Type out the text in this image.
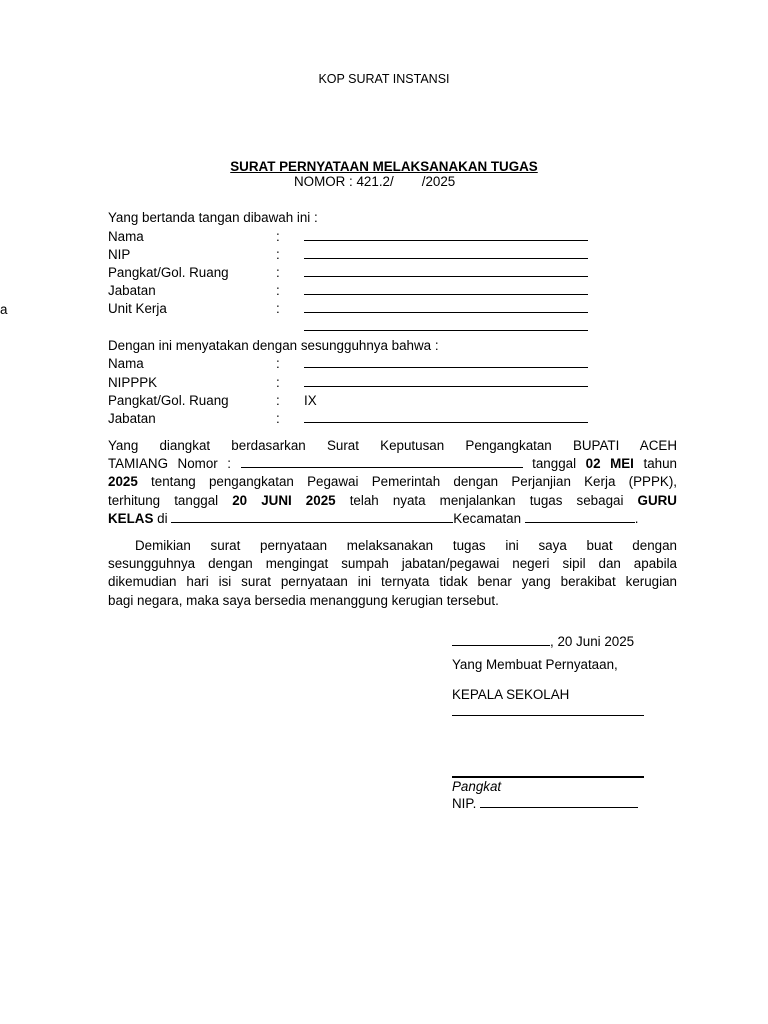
KOP SURAT INSTANSI
SURAT PERNYATAAN MELAKSANAKAN TUGAS
NOMOR : 421.2/ /2025
Yang bertanda tangan dibawah ini :
Nama	:
NIP	:
Pangkat/Gol. Ruang	:
Jabatan	:
Unit Kerja	:
a
Dengan ini menyatakan dengan sesungguhnya bahwa :
Nama	:
NIPPPK	:
Pangkat/Gol. Ruang	: IX
Jabatan	:
Yang diangkat berdasarkan Surat Keputusan Pengangkatan BUPATI ACEH
TAMIANG Nomor :	tanggal 02 MEI tahun
2025 tentang pengangkatan Pegawai Pemerintah dengan Perjanjian Kerja (PPPK),
terhitung tanggal 20 JUNI 2025 telah nyata menjalankan tugas sebagai GURU
KELAS di	Kecamatan	.
Demikian surat pernyataan melaksanakan tugas ini saya buat dengan
sesungguhnya dengan mengingat sumpah jabatan/pegawai negeri sipil dan apabila
dikemudian hari isi surat pernyataan ini ternyata tidak benar yang berakibat kerugian
bagi negara, maka saya bersedia menanggung kerugian tersebut.
, 20 Juni 2025
Yang Membuat Pernyataan,
KEPALA SEKOLAH
Pangkat
NIP.
